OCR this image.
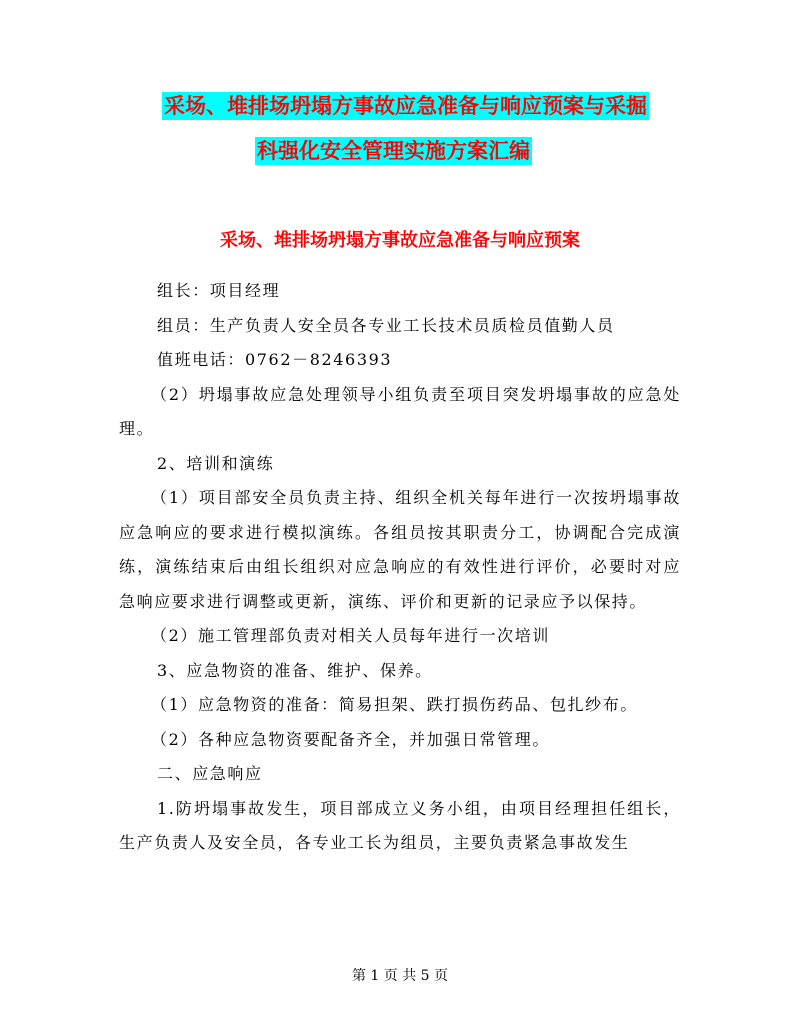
采场、堆排场坍塌方事故应急准备与响应预案与采掘
科强化安全管理实施方案汇编
采场、堆排场坍塌方事故应急准备与响应预案

组长：项目经理

组员：生产负责人安全员各专业工长技术员质检员值勤人员

值班电话：0762－8246393

（2）坍塌事故应急处理领导小组负责至项目突发坍塌事故的应急处理。

2、培训和演练

（1）项目部安全员负责主持、组织全机关每年进行一次按坍塌事故应急响应的要求进行模拟演练。各组员按其职责分工，协调配合完成演练，演练结束后由组长组织对应急响应的有效性进行评价，必要时对应急响应要求进行调整或更新，演练、评价和更新的记录应予以保持。

（2）施工管理部负责对相关人员每年进行一次培训

3、应急物资的准备、维护、保养。

（1）应急物资的准备：简易担架、跌打损伤药品、包扎纱布。

（2）各种应急物资要配备齐全，并加强日常管理。

二、应急响应

1.防坍塌事故发生，项目部成立义务小组，由项目经理担任组长，生产负责人及安全员，各专业工长为组员，主要负责紧急事故发生

第 1 页 共 5 页
